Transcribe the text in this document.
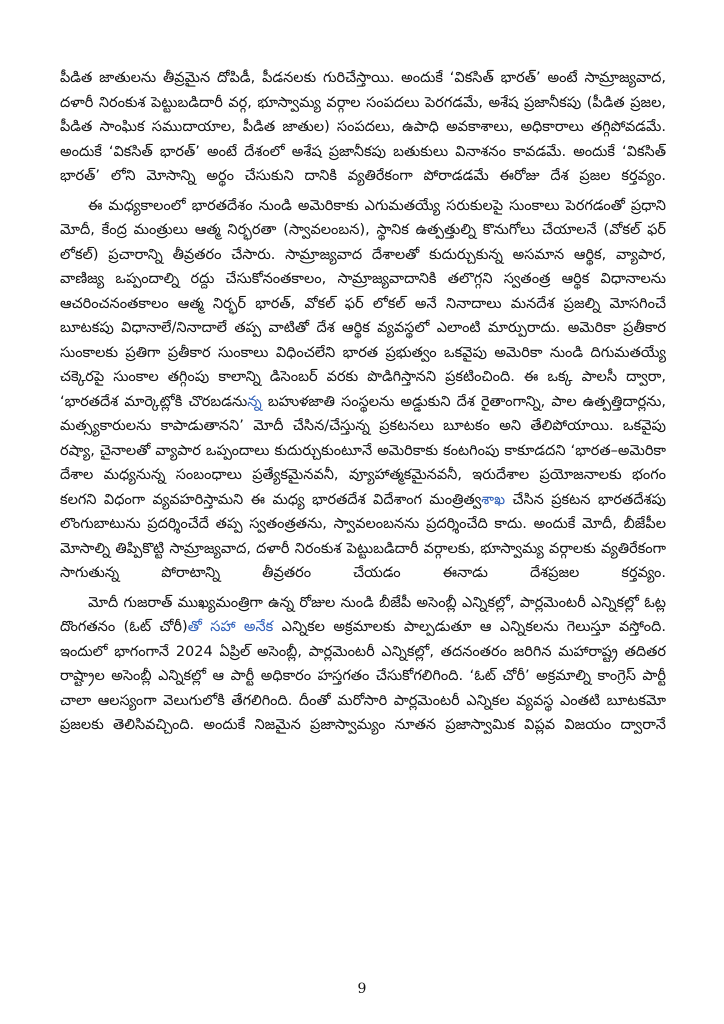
పీడిత జాతులను తీవ్రమైన దోపిడీ, పీడనలకు గురిచేస్తాయి. అందుకే ‘వికసిత్ భారత్’ అంటే సామ్రాజ్యవాద, దళారీ నిరంకుశ పెట్టుబడిదారీ వర్గ, భూస్వామ్య వర్గాల సంపదలు పెరగడమే, అశేష ప్రజానీకపు (పీడిత ప్రజల, పీడిత సాంఘిక సముదాయాల, పీడిత జాతుల) సంపదలు, ఉపాధి అవకాశాలు, అధికారాలు తగ్గిపోవడమే. అందుకే ‘వికసిత్ భారత్’ అంటే దేశంలో అశేష ప్రజానీకపు బతుకులు వినాశనం కావడమే. అందుకే ‘వికసిత్ భారత్’ లోని మోసాన్ని అర్థం చేసుకుని దానికి వ్యతిరేకంగా పోరాడడమే ఈరోజు దేశ ప్రజల కర్తవ్యం.

ఈ మధ్యకాలంలో భారతదేశం నుండి అమెరికాకు ఎగుమతయ్యే సరుకులపై సుంకాలు పెరగడంతో ప్రధాని మోదీ, కేంద్ర మంత్రులు ఆత్మ నిర్భరతా (స్వావలంబన), స్థానిక ఉత్పత్తుల్ని కొనుగోలు చేయాలనే (వోకల్ ఫర్ లోకల్) ప్రచారాన్ని తీవ్రతరం చేసారు. సామ్రాజ్యవాద దేశాలతో కుదుర్చుకున్న అసమాన ఆర్థిక, వ్యాపార, వాణిజ్య ఒప్పందాల్ని రద్దు చేసుకోనంతకాలం, సామ్రాజ్యవాదానికి తలొగ్గని స్వతంత్ర ఆర్థిక విధానాలను ఆచరించనంతకాలం ఆత్మ నిర్భర్ భారత్, వోకల్ ఫర్ లోకల్ అనే నినాదాలు మనదేశ ప్రజల్ని మోసగించే బూటకపు విధానాలే/నినాదాలే తప్ప వాటితో దేశ ఆర్థిక వ్యవస్థలో ఎలాంటి మార్పురాదు. అమెరికా ప్రతీకార సుంకాలకు ప్రతిగా ప్రతీకార సుంకాలు విధించలేని భారత ప్రభుత్వం ఒకవైపు అమెరికా నుండి దిగుమతయ్యే చక్కెరపై సుంకాల తగ్గింపు కాలాన్ని డిసెంబర్ వరకు పొడిగిస్తానని ప్రకటించింది. ఈ ఒక్క పాలసీ ద్వారా, ‘భారతదేశ మార్కెట్లోకి చొరబడనున్న బహుళజాతి సంస్థలను అడ్డుకుని దేశ రైతాంగాన్ని, పాల ఉత్పత్తిదార్లను, మత్స్యకారులను కాపాడుతానని’ మోదీ చేసిన/చేస్తున్న ప్రకటనలు బూటకం అని తేలిపోయాయి. ఒకవైపు రష్యా, చైనాలతో వ్యాపార ఒప్పందాలు కుదుర్చుకుంటూనే అమెరికాకు కంటగింపు కాకూడదని ‘భారత–అమెరికా దేశాల మధ్యనున్న సంబంధాలు ప్రత్యేకమైనవనీ, వ్యూహాత్మకమైనవనీ, ఇరుదేశాల ప్రయోజనాలకు భంగం కలగని విధంగా వ్యవహరిస్తామని ఈ మధ్య భారతదేశ విదేశాంగ మంత్రిత్వశాఖ చేసిన ప్రకటన భారతదేశపు లొంగుబాటును ప్రదర్శించేదే తప్ప స్వతంత్రతను, స్వావలంబనను ప్రదర్శించేది కాదు. అందుకే మోదీ, బీజేపీల మోసాల్ని తిప్పికొట్టి సామ్రాజ్యవాద, దళారీ నిరంకుశ పెట్టుబడిదారీ వర్గాలకు, భూస్వామ్య వర్గాలకు వ్యతిరేకంగా సాగుతున్న పోరాటాన్ని తీవ్రతరం చేయడం ఈనాడు దేశప్రజల కర్తవ్యం.

మోదీ గుజరాత్ ముఖ్యమంత్రిగా ఉన్న రోజుల నుండి బీజేపీ అసెంబ్లీ ఎన్నికల్లో, పార్లమెంటరీ ఎన్నికల్లో ఓట్ల దొంగతనం (ఓట్ చోరీ)తో సహా అనేక ఎన్నికల అక్రమాలకు పాల్పడుతూ ఆ ఎన్నికలను గెలుస్తూ వస్తోంది. ఇందులో భాగంగానే 2024 ఏప్రిల్ అసెంబ్లీ, పార్లమెంటరీ ఎన్నికల్లో, తదనంతరం జరిగిన మహారాష్ట్ర తదితర రాష్ట్రాల అసెంబ్లీ ఎన్నికల్లో ఆ పార్టీ అధికారం హస్తగతం చేసుకోగలిగింది. ‘ఓట్ చోరీ’ అక్రమాల్ని కాంగ్రెస్ పార్టీ చాలా ఆలస్యంగా వెలుగులోకి తేగలిగింది. దీంతో మరోసారి పార్లమెంటరీ ఎన్నికల వ్యవస్థ ఎంతటి బూటకమో ప్రజలకు తెలిసివచ్చింది. అందుకే నిజమైన ప్రజాస్వామ్యం నూతన ప్రజాస్వామిక విప్లవ విజయం ద్వారానే

9
